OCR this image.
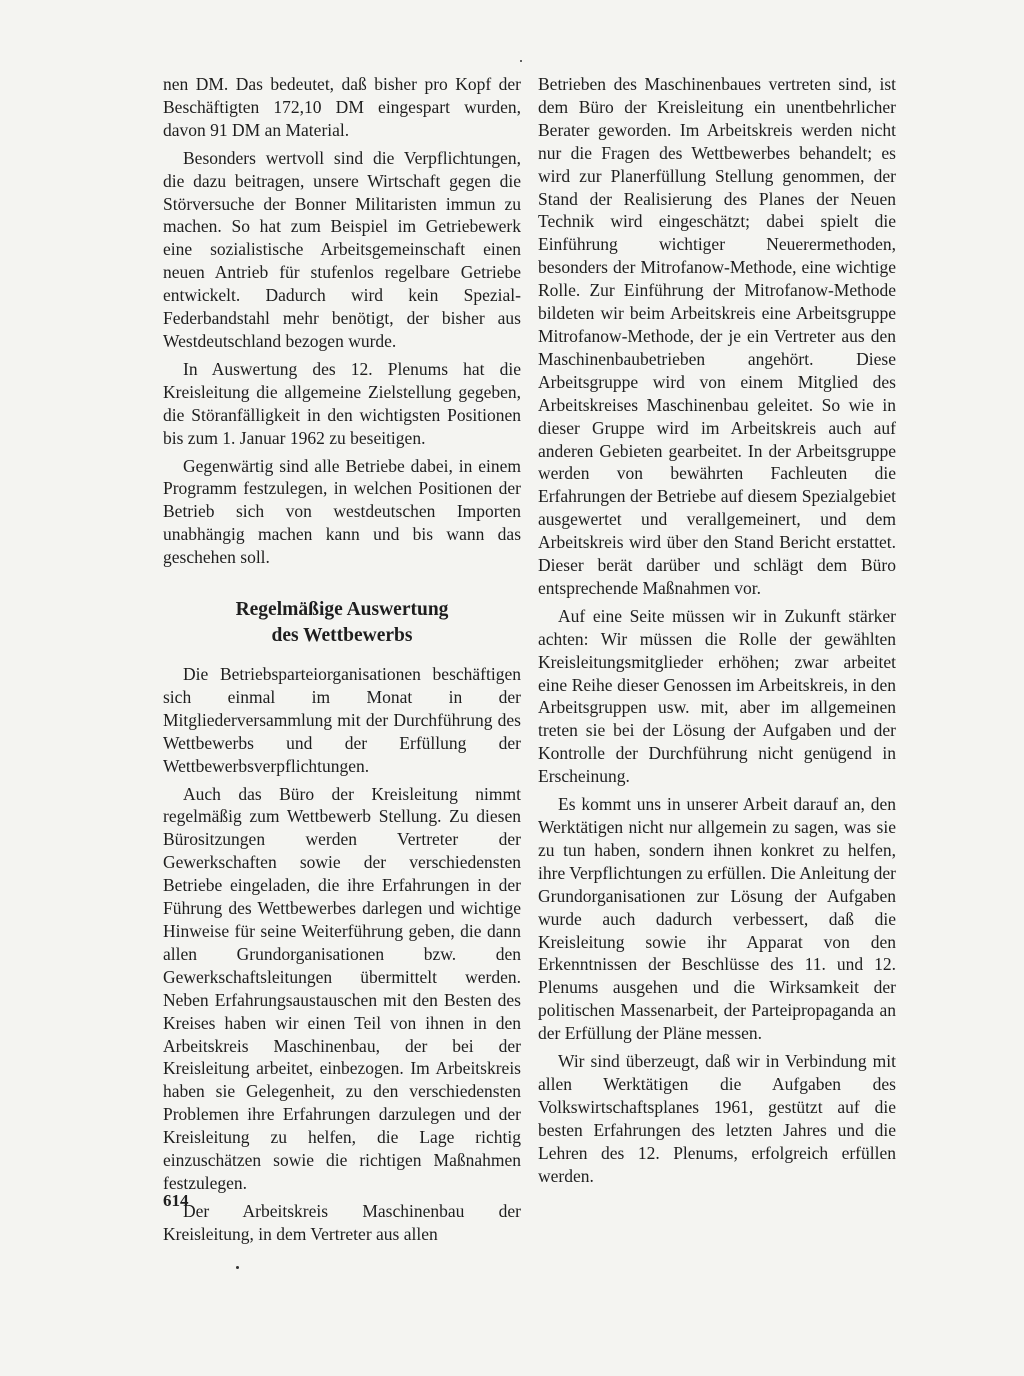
nen DM. Das bedeutet, daß bisher pro Kopf der Beschäftigten 172,10 DM eingespart wurden, davon 91 DM an Material.

Besonders wertvoll sind die Verpflichtungen, die dazu beitragen, unsere Wirtschaft gegen die Störversuche der Bonner Militaristen immun zu machen. So hat zum Beispiel im Getriebewerk eine sozialistische Arbeitsgemeinschaft einen neuen Antrieb für stufenlos regelbare Getriebe entwickelt. Dadurch wird kein Spezial-Federbandstahl mehr benötigt, der bisher aus Westdeutschland bezogen wurde.

In Auswertung des 12. Plenums hat die Kreisleitung die allgemeine Zielstellung gegeben, die Störanfälligkeit in den wichtigsten Positionen bis zum 1. Januar 1962 zu beseitigen.

Gegenwärtig sind alle Betriebe dabei, in einem Programm festzulegen, in welchen Positionen der Betrieb sich von westdeutschen Importen unabhängig machen kann und bis wann das geschehen soll.

Regelmäßige Auswertung
des Wettbewerbs

Die Betriebsparteiorganisationen beschäftigen sich einmal im Monat in der Mitgliederversammlung mit der Durchführung des Wettbewerbs und der Erfüllung der Wettbewerbsverpflichtungen.

Auch das Büro der Kreisleitung nimmt regelmäßig zum Wettbewerb Stellung. Zu diesen Bürositzungen werden Vertreter der Gewerkschaften sowie der verschiedensten Betriebe eingeladen, die ihre Erfahrungen in der Führung des Wettbewerbes darlegen und wichtige Hinweise für seine Weiterführung geben, die dann allen Grundorganisationen bzw. den Gewerkschaftsleitungen übermittelt werden. Neben Erfahrungsaustauschen mit den Besten des Kreises haben wir einen Teil von ihnen in den Arbeitskreis Maschinenbau, der bei der Kreisleitung arbeitet, einbezogen. Im Arbeitskreis haben sie Gelegenheit, zu den verschiedensten Problemen ihre Erfahrungen darzulegen und der Kreisleitung zu helfen, die Lage richtig einzuschätzen sowie die richtigen Maßnahmen festzulegen.

Der Arbeitskreis Maschinenbau der Kreisleitung, in dem Vertreter aus allen

Betrieben des Maschinenbaues vertreten sind, ist dem Büro der Kreisleitung ein unentbehrlicher Berater geworden. Im Arbeitskreis werden nicht nur die Fragen des Wettbewerbes behandelt; es wird zur Planerfüllung Stellung genommen, der Stand der Realisierung des Planes der Neuen Technik wird eingeschätzt; dabei spielt die Einführung wichtiger Neuerermethoden, besonders der Mitrofanow-Methode, eine wichtige Rolle. Zur Einführung der Mitrofanow-Methode bildeten wir beim Arbeitskreis eine Arbeitsgruppe Mitrofanow-Methode, der je ein Vertreter aus den Maschinenbaubetrieben angehört. Diese Arbeitsgruppe wird von einem Mitglied des Arbeitskreises Maschinenbau geleitet. So wie in dieser Gruppe wird im Arbeitskreis auch auf anderen Gebieten gearbeitet. In der Arbeitsgruppe werden von bewährten Fachleuten die Erfahrungen der Betriebe auf diesem Spezialgebiet ausgewertet und verallgemeinert, und dem Arbeitskreis wird über den Stand Bericht erstattet. Dieser berät darüber und schlägt dem Büro entsprechende Maßnahmen vor.

Auf eine Seite müssen wir in Zukunft stärker achten: Wir müssen die Rolle der gewählten Kreisleitungsmitglieder erhöhen; zwar arbeitet eine Reihe dieser Genossen im Arbeitskreis, in den Arbeitsgruppen usw. mit, aber im allgemeinen treten sie bei der Lösung der Aufgaben und der Kontrolle der Durchführung nicht genügend in Erscheinung.

Es kommt uns in unserer Arbeit darauf an, den Werktätigen nicht nur allgemein zu sagen, was sie zu tun haben, sondern ihnen konkret zu helfen, ihre Verpflichtungen zu erfüllen. Die Anleitung der Grundorganisationen zur Lösung der Aufgaben wurde auch dadurch verbessert, daß die Kreisleitung sowie ihr Apparat von den Erkenntnissen der Beschlüsse des 11. und 12. Plenums ausgehen und die Wirksamkeit der politischen Massenarbeit, der Parteipropaganda an der Erfüllung der Pläne messen.

Wir sind überzeugt, daß wir in Verbindung mit allen Werktätigen die Aufgaben des Volkswirtschaftsplanes 1961, gestützt auf die besten Erfahrungen des letzten Jahres und die Lehren des 12. Plenums, erfolgreich erfüllen werden.

614
